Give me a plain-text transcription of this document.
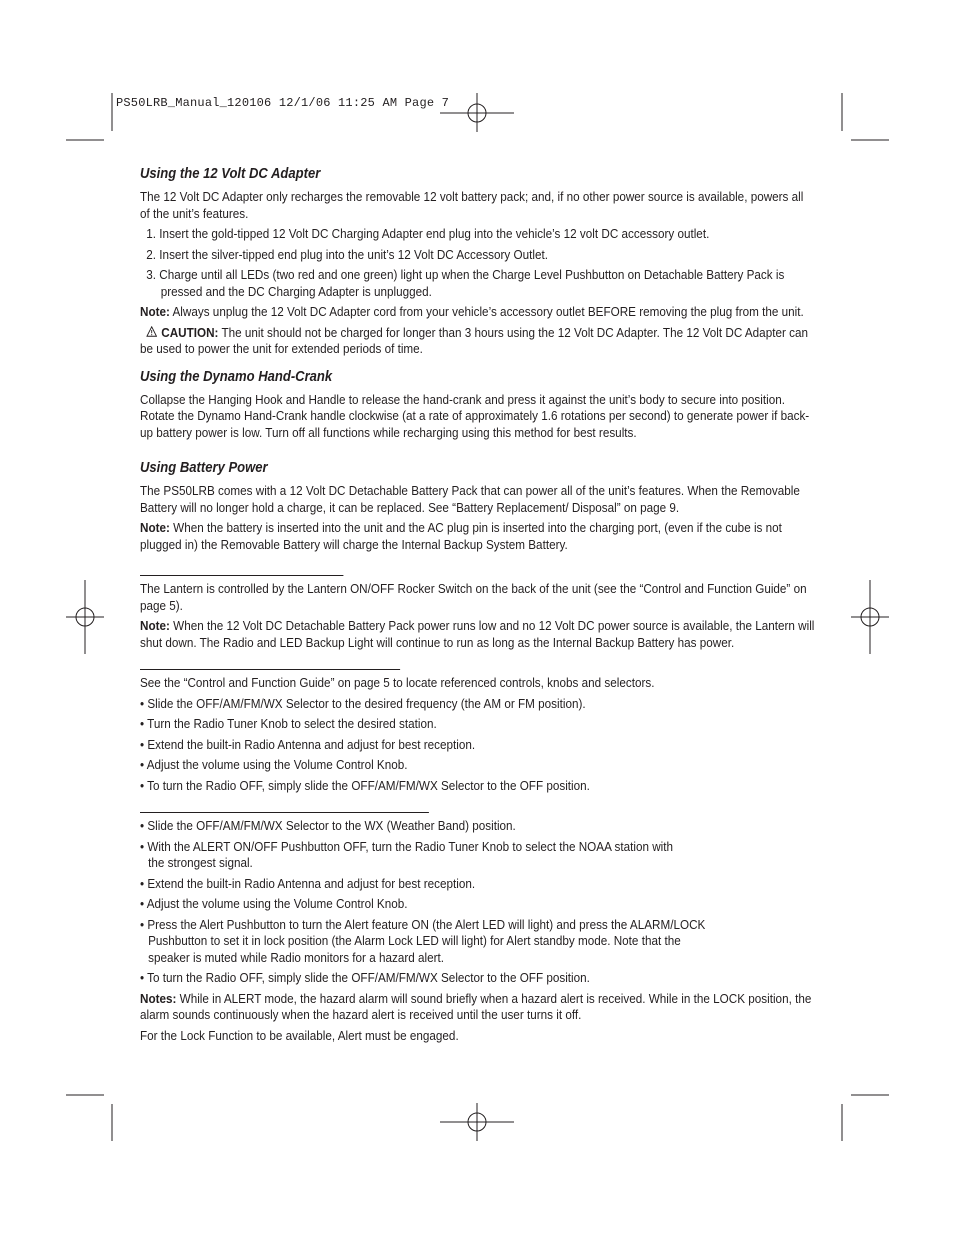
PS50LRB_Manual_120106 12/1/06 11:25 AM Page 7
Using the 12 Volt DC Adapter

The 12 Volt DC Adapter only recharges the removable 12 volt battery pack; and, if no other power source is available, powers all of the unit’s features.

1. Insert the gold-tipped 12 Volt DC Charging Adapter end plug into the vehicle’s 12 volt DC accessory outlet.
2. Insert the silver-tipped end plug into the unit’s 12 Volt DC Accessory Outlet.
3. Charge until all LEDs (two red and one green) light up when the Charge Level Pushbutton on Detachable Battery Pack is pressed and the DC Charging Adapter is unplugged.

Note: Always unplug the 12 Volt DC Adapter cord from your vehicle’s accessory outlet BEFORE removing the plug from the unit.

CAUTION: The unit should not be charged for longer than 3 hours using the 12 Volt DC Adapter. The 12 Volt DC Adapter can be used to power the unit for extended periods of time.

Using the Dynamo Hand-Crank

Collapse the Hanging Hook and Handle to release the hand-crank and press it against the unit’s body to secure into position. Rotate the Dynamo Hand-Crank handle clockwise (at a rate of approximately 1.6 rotations per second) to generate power if back-up battery power is low. Turn off all functions while recharging using this method for best results.

Using Battery Power

The PS50LRB comes with a 12 Volt DC Detachable Battery Pack that can power all of the unit’s features. When the Removable Battery will no longer hold a charge, it can be replaced. See “Battery Replacement/ Disposal” on page 9.

Note: When the battery is inserted into the unit and the AC plug pin is inserted into the charging port, (even if the cube is not plugged in) the Removable Battery will charge the Internal Backup System Battery.

The Lantern is controlled by the Lantern ON/OFF Rocker Switch on the back of the unit (see the “Control and Function Guide” on page 5).

Note: When the 12 Volt DC Detachable Battery Pack power runs low and no 12 Volt DC power source is available, the Lantern will shut down. The Radio and LED Backup Light will continue to run as long as the Internal Backup Battery has power.

See the “Control and Function Guide” on page 5 to locate referenced controls, knobs and selectors.

• Slide the OFF/AM/FM/WX Selector to the desired frequency (the AM or FM position).
• Turn the Radio Tuner Knob to select the desired station.
• Extend the built-in Radio Antenna and adjust for best reception.
• Adjust the volume using the Volume Control Knob.
• To turn the Radio OFF, simply slide the OFF/AM/FM/WX Selector to the OFF position.
• Slide the OFF/AM/FM/WX Selector to the WX (Weather Band) position.
• With the ALERT ON/OFF Pushbutton OFF, turn the Radio Tuner Knob to select the NOAA station with the strongest signal.
• Extend the built-in Radio Antenna and adjust for best reception.
• Adjust the volume using the Volume Control Knob.
• Press the Alert Pushbutton to turn the Alert feature ON (the Alert LED will light) and press the ALARM/LOCK Pushbutton to set it in lock position (the Alarm Lock LED will light) for Alert standby mode. Note that the speaker is muted while Radio monitors for a hazard alert.
• To turn the Radio OFF, simply slide the OFF/AM/FM/WX Selector to the OFF position.

Notes: While in ALERT mode, the hazard alarm will sound briefly when a hazard alert is received. While in the LOCK position, the alarm sounds continuously when the hazard alert is received until the user turns it off.

For the Lock Function to be available, Alert must be engaged.
